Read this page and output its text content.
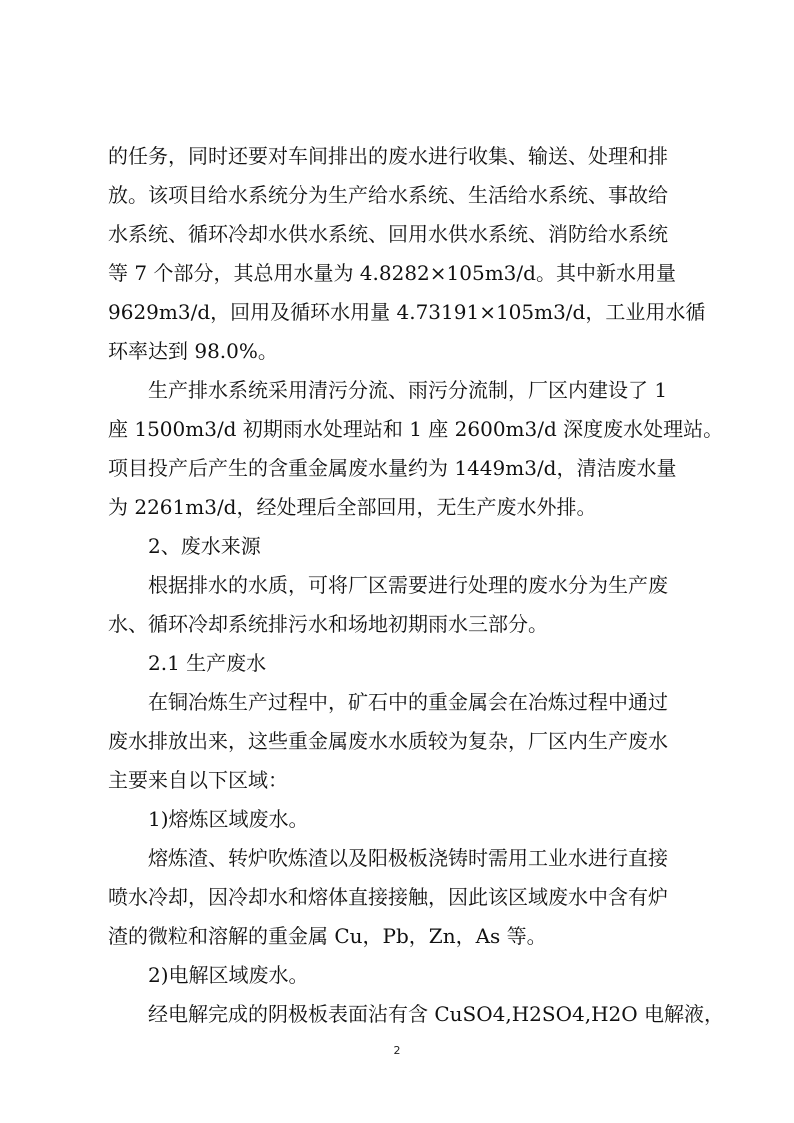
的任务，同时还要对车间排出的废水进行收集、输送、处理和排
放。该项目给水系统分为生产给水系统、生活给水系统、事故给
水系统、循环冷却水供水系统、回用水供水系统、消防给水系统
等 7 个部分，其总用水量为 4.8282×105m3/d。其中新水用量
9629m3/d，回用及循环水用量 4.73191×105m3/d，工业用水循
环率达到 98.0%。
生产排水系统采用清污分流、雨污分流制，厂区内建设了 1
座 1500m3/d 初期雨水处理站和 1 座 2600m3/d 深度废水处理站。
项目投产后产生的含重金属废水量约为 1449m3/d，清洁废水量
为 2261m3/d，经处理后全部回用，无生产废水外排。
2、废水来源
根据排水的水质，可将厂区需要进行处理的废水分为生产废
水、循环冷却系统排污水和场地初期雨水三部分。
2.1 生产废水
在铜冶炼生产过程中，矿石中的重金属会在冶炼过程中通过
废水排放出来，这些重金属废水水质较为复杂，厂区内生产废水
主要来自以下区域：
1)熔炼区域废水。
熔炼渣、转炉吹炼渣以及阳极板浇铸时需用工业水进行直接
喷水冷却，因冷却水和熔体直接接触，因此该区域废水中含有炉
渣的微粒和溶解的重金属 Cu，Pb，Zn，As 等。
2)电解区域废水。
经电解完成的阴极板表面沾有含 CuSO4,H2SO4,H2O 电解液，
2
